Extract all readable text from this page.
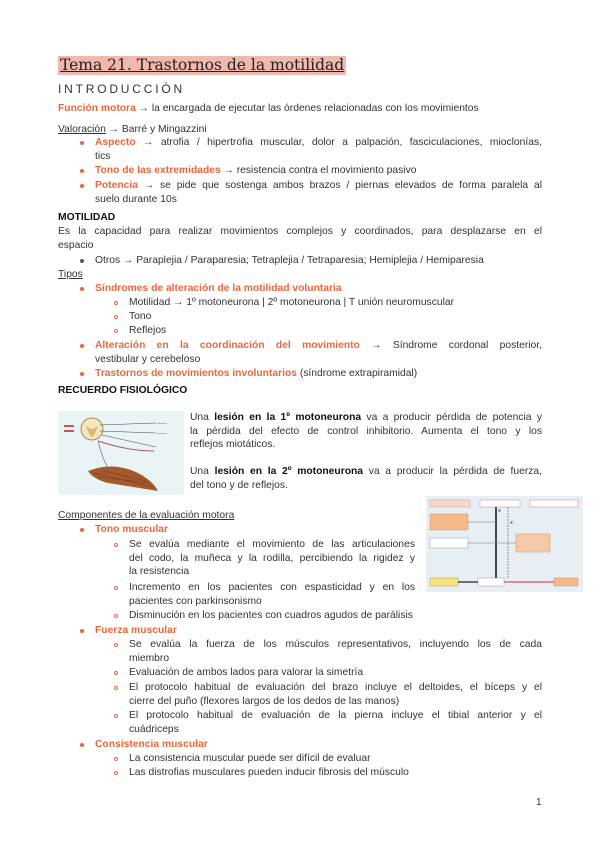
Tema 21. Trastornos de la motilidad
INTRODUCCIÓN
Función motora → la encargada de ejecutar las órdenes relacionadas con los movimientos
Valoración → Barré y Mingazzini
Aspecto → atrofia / hipertrofia muscular, dolor a palpación, fasciculaciones, mioclonías,
tics
Tono de las extremidades → resistencia contra el movimiento pasivo
Potencia → se pide que sostenga ambos brazos / piernas elevados de forma paralela al
suelo durante 10s
MOTILIDAD
Es la capacidad para realizar movimientos complejos y coordinados, para desplazarse en el
espacio
Otros → Paraplejia / Paraparesia; Tetraplejia / Tetraparesia; Hemiplejia / Hemiparesia
Tipos
Síndromes de alteración de la motilidad voluntaria
Motilidad → 1º motoneurona | 2º motoneurona | T unión neuromuscular
Tono
Reflejos
Alteración en la coordinación del movimiento → Síndrome cordonal posterior,
vestibular y cerebeloso
Trastornos de movimientos involuntarios (síndrome extrapiramidal)
RECUERDO FISIOLÓGICO
────
────
Una lesión en la 1º motoneurona va a producir pérdida de potencia y
la pérdida del efecto de control inhibitorio. Aumenta el tono y los
reflejos miotáticos.
Una lesión en la 2º motoneurona va a producir la pérdida de fuerza,
del tono y de reflejos.
x
x
Componentes de la evaluación motora
Tono muscular
Se evalúa mediante el movimiento de las articulaciones
del codo, la muñeca y la rodilla, percibiendo la rigidez y
la resistencia
Incremento en los pacientes con espasticidad y en los
pacientes con parkinsonismo
Disminución en los pacientes con cuadros agudos de parálisis
Fuerza muscular
Se evalúa la fuerza de los músculos representativos, incluyendo los de cada
miembro
Evaluación de ambos lados para valorar la simetría
El protocolo habitual de evaluación del brazo incluye el deltoides, el bíceps y el
cierre del puño (flexores largos de los dedos de las manos)
El protocolo habitual de evaluación de la pierna incluye el tibial anterior y el
cuádriceps
Consistencia muscular
La consistencia muscular puede ser difícil de evaluar
Las distrofias musculares pueden inducir fibrosis del músculo
1
